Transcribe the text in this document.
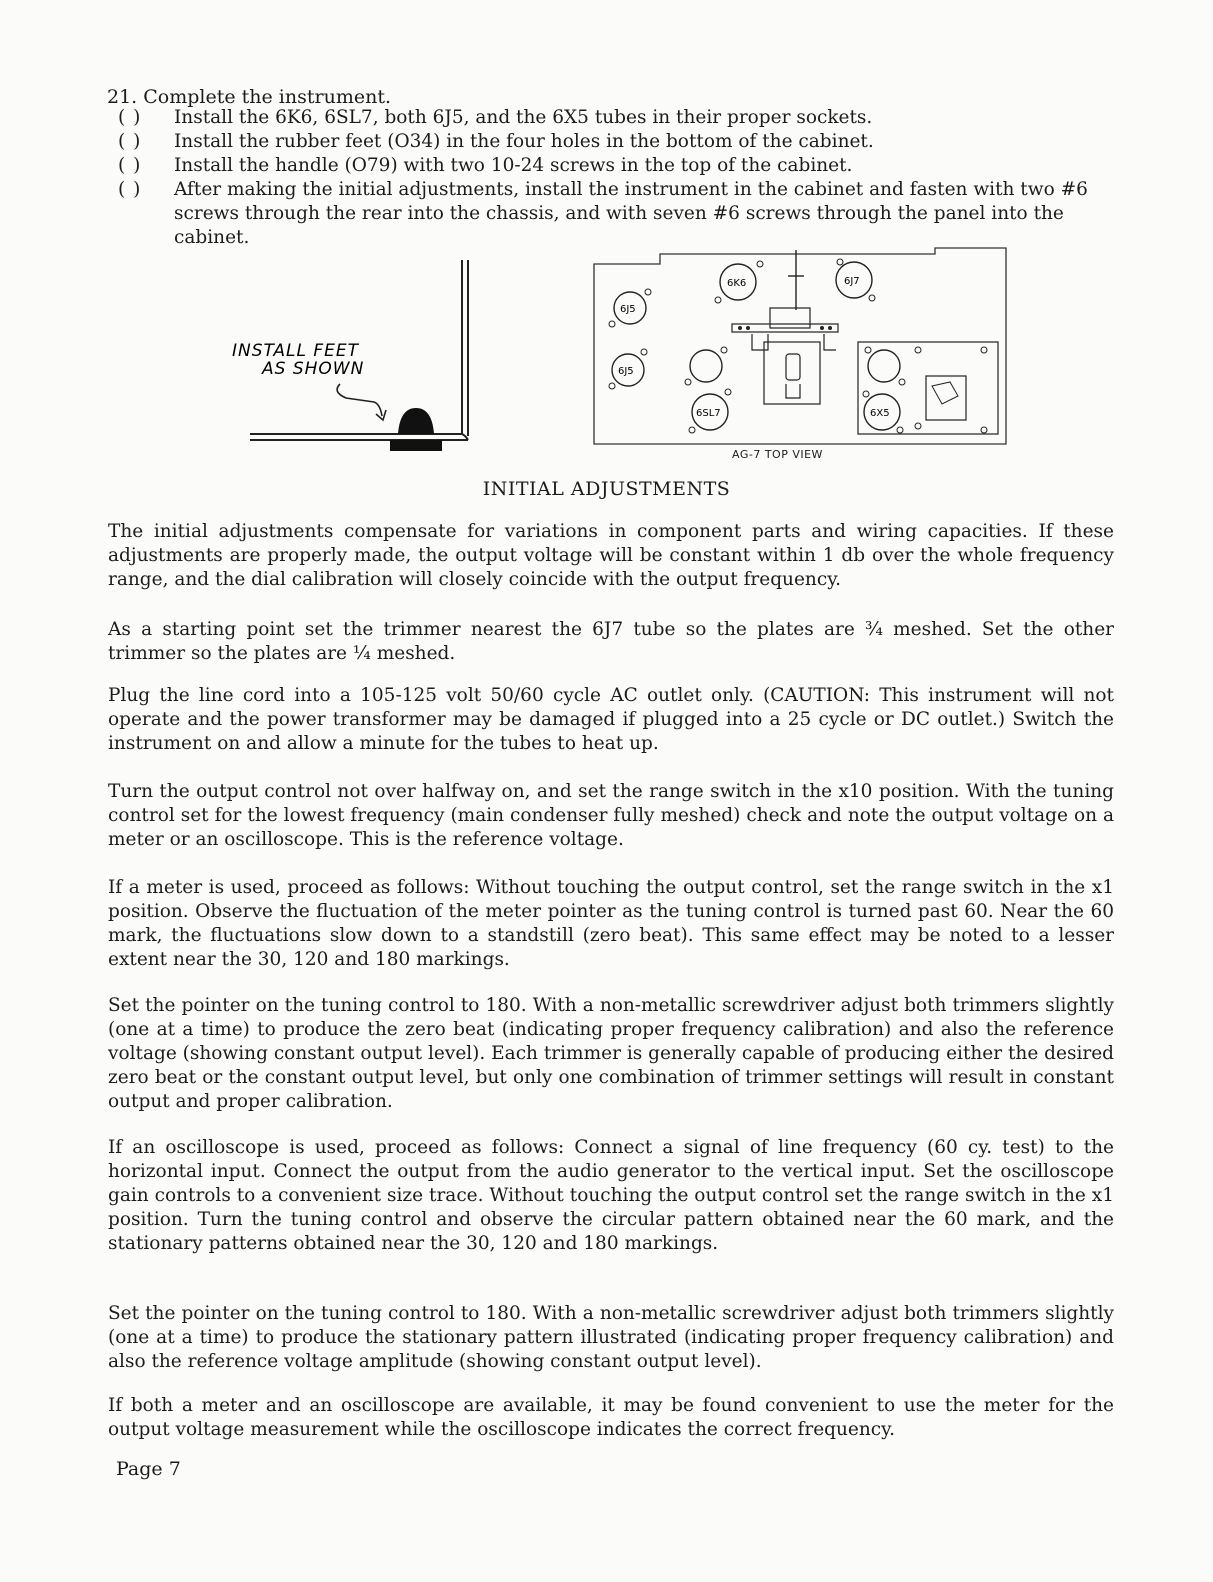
21. Complete the instrument.
( )	Install the 6K6, 6SL7, both 6J5, and the 6X5 tubes in their proper sockets.
( )	Install the rubber feet (O34) in the four holes in the bottom of the cabinet.
( )	Install the handle (O79) with two 10-24 screws in the top of the cabinet.
( )	After making the initial adjustments, install the instrument in the cabinet and fasten with two #6 screws through the rear into the chassis, and with seven #6 screws through the panel into the cabinet.
INSTALL FEET
AS SHOWN
6K6	6J7
6J5
6J5
6SL7	6X5
AG-7 TOP VIEW
INITIAL ADJUSTMENTS

The initial adjustments compensate for variations in component parts and wiring capacities. If these adjustments are properly made, the output voltage will be constant within 1 db over the whole frequency range, and the dial calibration will closely coincide with the output frequency.

As a starting point set the trimmer nearest the 6J7 tube so the plates are ¾ meshed. Set the other trimmer so the plates are ¼ meshed.

Plug the line cord into a 105-125 volt 50/60 cycle AC outlet only. (CAUTION: This instrument will not operate and the power transformer may be damaged if plugged into a 25 cycle or DC outlet.) Switch the instrument on and allow a minute for the tubes to heat up.

Turn the output control not over halfway on, and set the range switch in the x10 position. With the tuning control set for the lowest frequency (main condenser fully meshed) check and note the output voltage on a meter or an oscilloscope. This is the reference voltage.

If a meter is used, proceed as follows: Without touching the output control, set the range switch in the x1 position. Observe the fluctuation of the meter pointer as the tuning control is turned past 60. Near the 60 mark, the fluctuations slow down to a standstill (zero beat). This same effect may be noted to a lesser extent near the 30, 120 and 180 markings.

Set the pointer on the tuning control to 180. With a non-metallic screwdriver adjust both trimmers slightly (one at a time) to produce the zero beat (indicating proper frequency calibration) and also the reference voltage (showing constant output level). Each trimmer is generally capable of producing either the desired zero beat or the constant output level, but only one combination of trimmer settings will result in constant output and proper calibration.

If an oscilloscope is used, proceed as follows: Connect a signal of line frequency (60 cy. test) to the horizontal input. Connect the output from the audio generator to the vertical input. Set the oscilloscope gain controls to a convenient size trace. Without touching the output control set the range switch in the x1 position. Turn the tuning control and observe the circular pattern obtained near the 60 mark, and the stationary patterns obtained near the 30, 120 and 180 markings.

Set the pointer on the tuning control to 180. With a non-metallic screwdriver adjust both trimmers slightly (one at a time) to produce the stationary pattern illustrated (indicating proper frequency calibration) and also the reference voltage amplitude (showing constant output level).

If both a meter and an oscilloscope are available, it may be found convenient to use the meter for the output voltage measurement while the oscilloscope indicates the correct frequency.

Page 7
